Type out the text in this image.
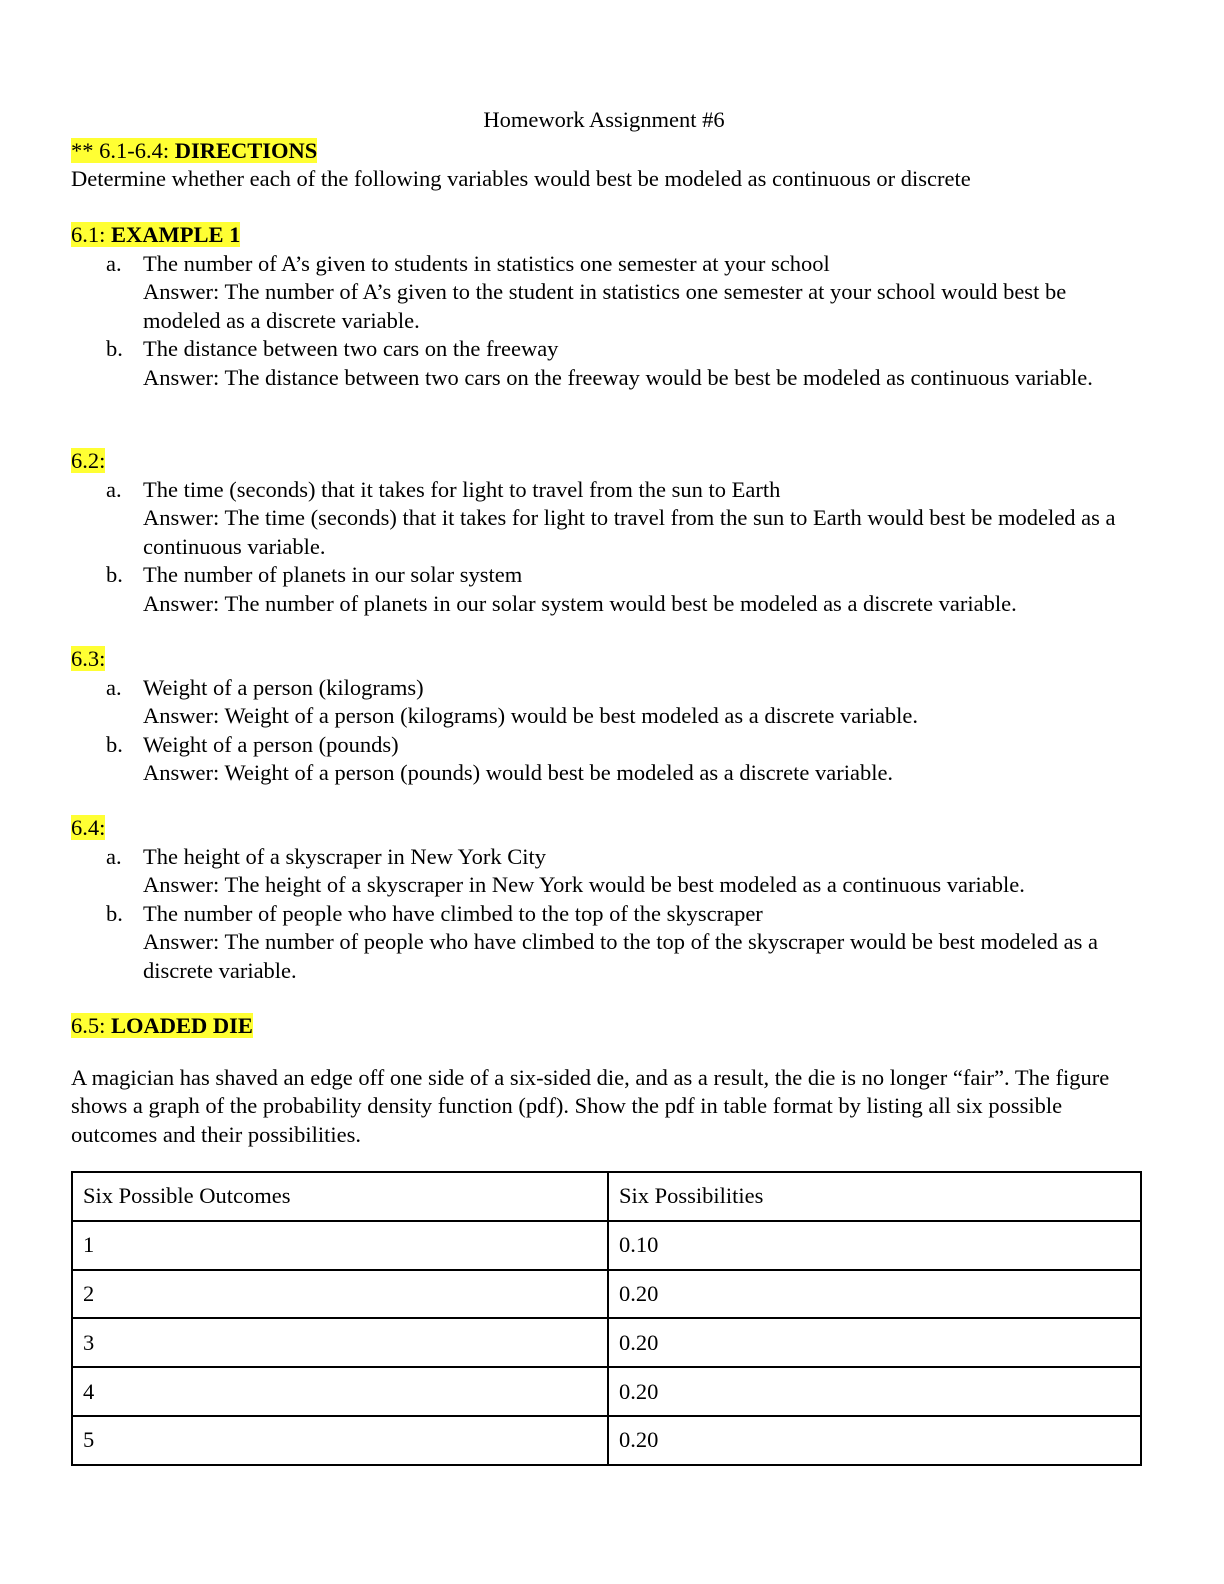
Homework Assignment #6
** 6.1-6.4: DIRECTIONS
Determine whether each of the following variables would best be modeled as continuous or discrete
6.1: EXAMPLE 1
a. The number of A’s given to students in statistics one semester at your school
Answer: The number of A’s given to the student in statistics one semester at your school would best be modeled as a discrete variable.
b. The distance between two cars on the freeway
Answer: The distance between two cars on the freeway would be best be modeled as continuous variable.
6.2:
a. The time (seconds) that it takes for light to travel from the sun to Earth
Answer: The time (seconds) that it takes for light to travel from the sun to Earth would best be modeled as a continuous variable.
b. The number of planets in our solar system
Answer: The number of planets in our solar system would best be modeled as a discrete variable.
6.3:
a. Weight of a person (kilograms)
Answer: Weight of a person (kilograms) would be best modeled as a discrete variable.
b. Weight of a person (pounds)
Answer: Weight of a person (pounds) would best be modeled as a discrete variable.
6.4:
a. The height of a skyscraper in New York City
Answer: The height of a skyscraper in New York would be best modeled as a continuous variable.
b. The number of people who have climbed to the top of the skyscraper
Answer: The number of people who have climbed to the top of the skyscraper would be best modeled as a discrete variable.
6.5: LOADED DIE
A magician has shaved an edge off one side of a six-sided die, and as a result, the die is no longer “fair”. The figure shows a graph of the probability density function (pdf). Show the pdf in table format by listing all six possible outcomes and their possibilities.
Six Possible Outcomes	Six Possibilities
1	0.10
2	0.20
3	0.20
4	0.20
5	0.20
